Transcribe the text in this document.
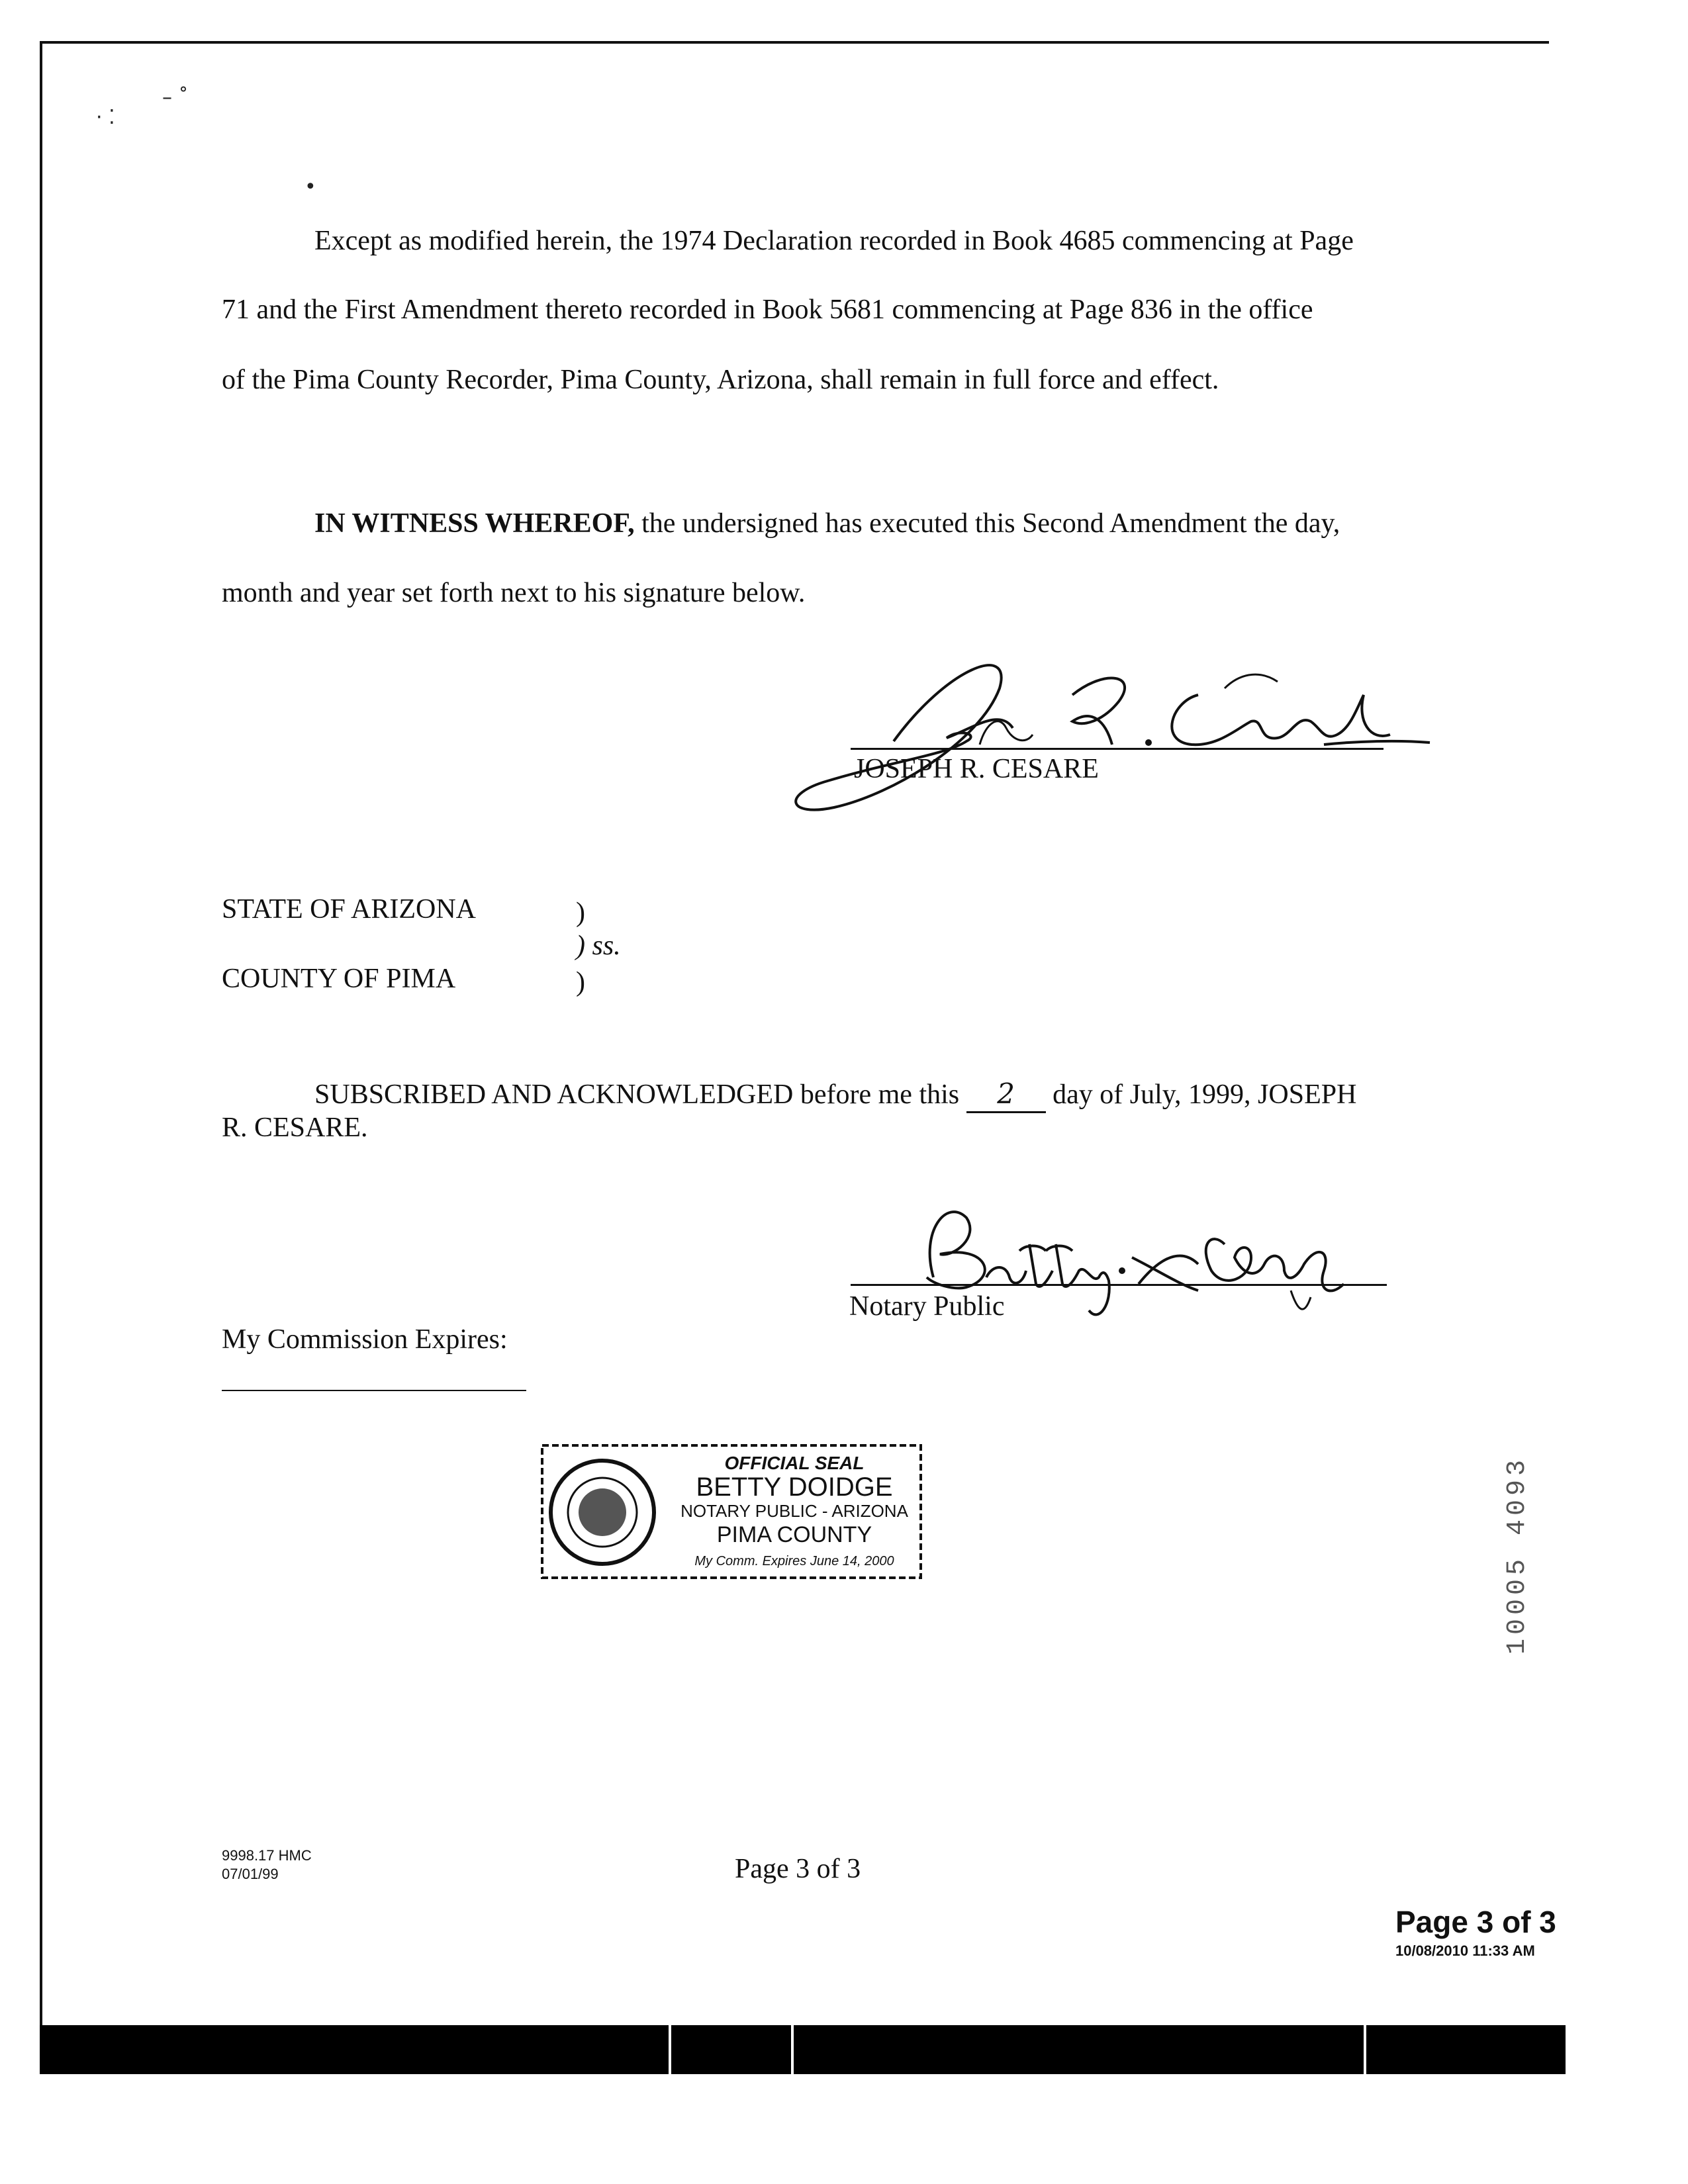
· ⁚
– ˚
•
Except as modified herein, the 1974 Declaration recorded in Book 4685 commencing at Page
71 and the First Amendment thereto recorded in Book 5681 commencing at Page 836 in the office
of the Pima County Recorder, Pima County, Arizona, shall remain in full force and effect.
IN WITNESS WHEREOF, the undersigned has executed this Second Amendment the day,
month and year set forth next to his signature below.
JOSEPH R. CESARE
STATE OF ARIZONA	)
) ss.
COUNTY OF PIMA	)
SUBSCRIBED AND ACKNOWLEDGED before me this 2 day of July, 1999, JOSEPH
R. CESARE.
Notary Public
My Commission Expires:
OFFICIAL SEAL
BETTY DOIDGE
NOTARY PUBLIC - ARIZONA
PIMA COUNTY
My Comm. Expires June 14, 2000	10005 4093
9998.17 HMC
07/01/99	Page 3 of 3
Page 3 of 3
10/08/2010 11:33 AM
